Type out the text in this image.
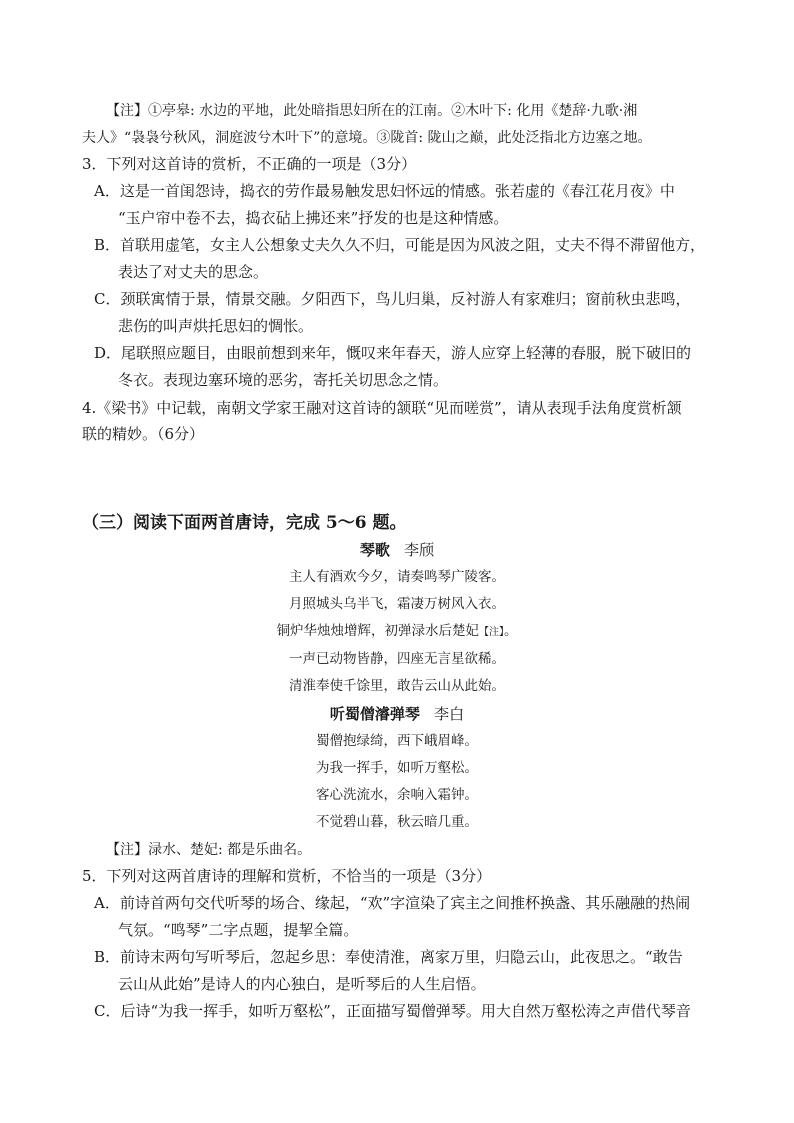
【注】①亭皋: 水边的平地，此处暗指思妇所在的江南。②木叶下: 化用《楚辞·九歌·湘
夫人》“袅袅兮秋风，洞庭波兮木叶下”的意境。③陇首: 陇山之巅，此处泛指北方边塞之地。
3．下列对这首诗的赏析，不正确的一项是（3分）
A．这是一首闺怨诗，捣衣的劳作最易触发思妇怀远的情感。张若虚的《春江花月夜》中
“玉户帘中卷不去，捣衣砧上拂还来”抒发的也是这种情感。
B．首联用虚笔，女主人公想象丈夫久久不归，可能是因为风波之阻，丈夫不得不滞留他方，
表达了对丈夫的思念。
C．颈联寓情于景，情景交融。夕阳西下，鸟儿归巢，反衬游人有家难归；窗前秋虫悲鸣，
悲伤的叫声烘托思妇的惆怅。
D．尾联照应题目，由眼前想到来年，慨叹来年春天，游人应穿上轻薄的春服，脱下破旧的
冬衣。表现边塞环境的恶劣，寄托关切思念之情。
4.《梁书》中记载，南朝文学家王融对这首诗的颔联“见而嗟赏”，请从表现手法角度赏析颔
联的精妙。（6分）
（三）阅读下面两首唐诗，完成 5～6 题。
琴歌 李颀
主人有酒欢今夕，请奏鸣琴广陵客。
月照城头乌半飞，霜凄万树风入衣。
铜炉华烛烛增辉，初弹渌水后楚妃【注】。
一声已动物皆静，四座无言星欲稀。
清淮奉使千馀里，敢告云山从此始。
听蜀僧濬弹琴 李白
蜀僧抱绿绮，西下峨眉峰。
为我一挥手，如听万壑松。
客心洗流水，余响入霜钟。
不觉碧山暮，秋云暗几重。
【注】渌水、楚妃: 都是乐曲名。
5．下列对这两首唐诗的理解和赏析，不恰当的一项是（3分）
A．前诗首两句交代听琴的场合、缘起，“欢”字渲染了宾主之间推杯换盏、其乐融融的热闹
气氛。“鸣琴”二字点题，提挈全篇。
B．前诗末两句写听琴后，忽起乡思：奉使清淮，离家万里，归隐云山，此夜思之。“敢告
云山从此始”是诗人的内心独白，是听琴后的人生启悟。
C．后诗“为我一挥手，如听万壑松”，正面描写蜀僧弹琴。用大自然万壑松涛之声借代琴音
